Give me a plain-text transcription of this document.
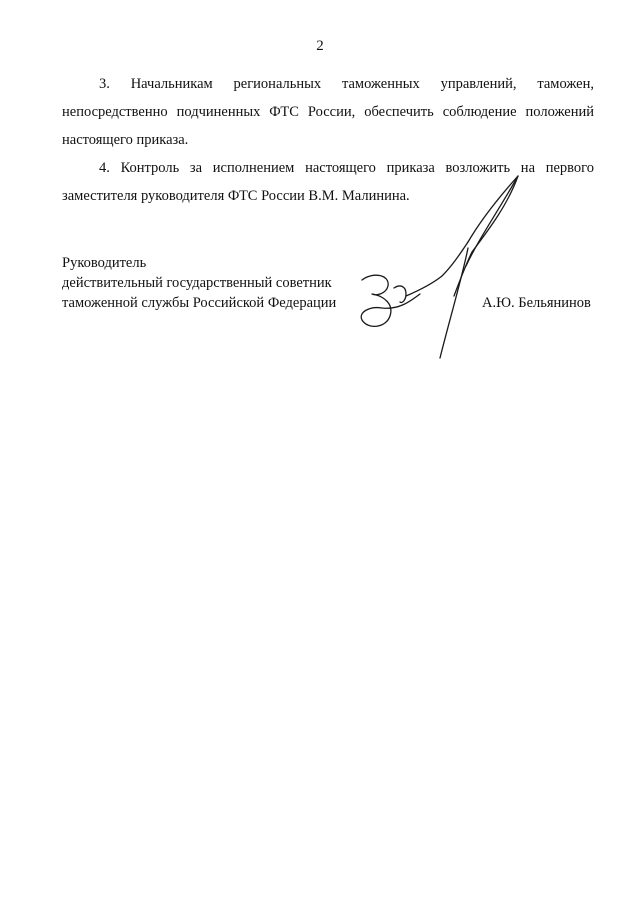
2

3. Начальникам региональных таможенных управлений, таможен, непосредственно подчиненных ФТС России, обеспечить соблюдение положений настоящего приказа.

4. Контроль за исполнением настоящего приказа возложить на первого заместителя руководителя ФТС России В.М. Малинина.

Руководитель
действительный государственный советник
таможенной службы Российской Федерации	А.Ю. Бельянинов
